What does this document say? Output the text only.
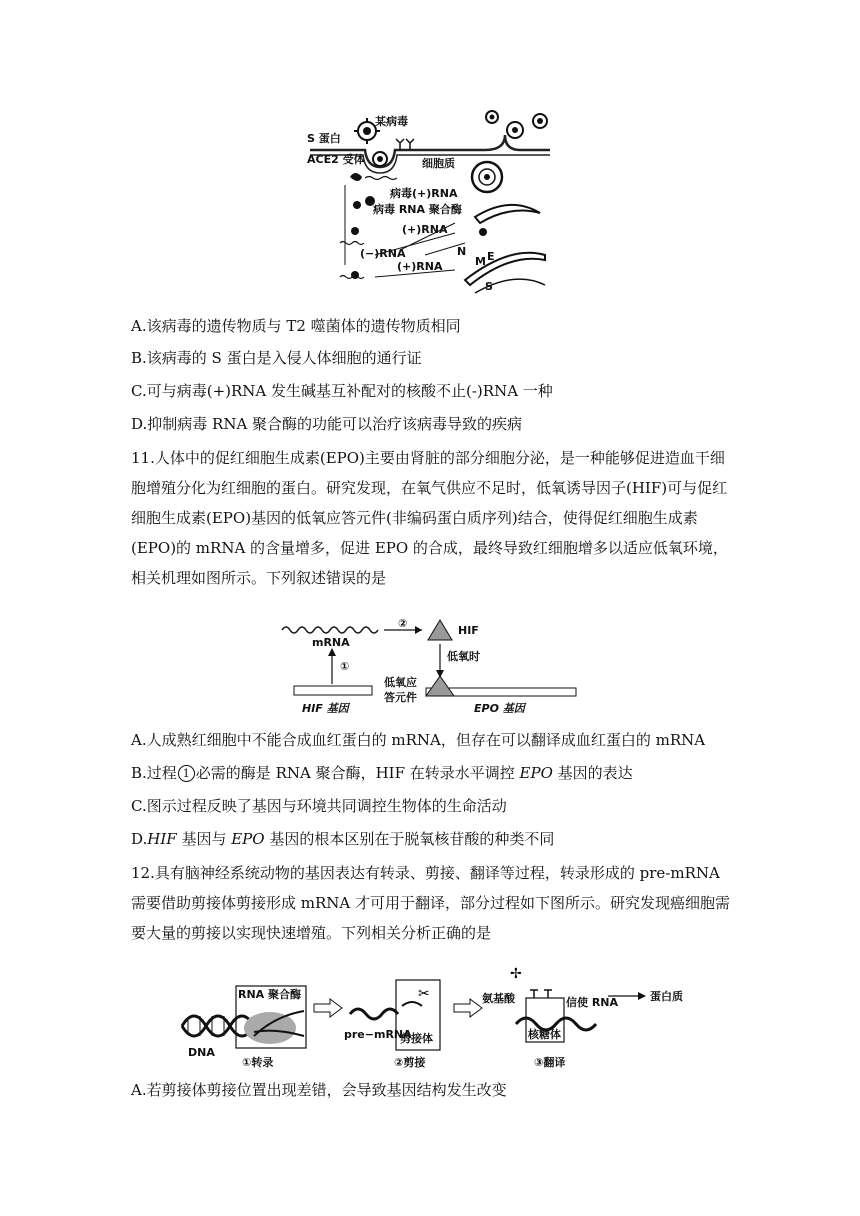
S 蛋白
某病毒
ACE2 受体	细胞质
病毒(+)RNA
病毒 RNA 聚合酶
(+)RNA
(−)RNA
(+)RNA
N
M E
S
A.该病毒的遗传物质与 T2 噬菌体的遗传物质相同
B.该病毒的 S 蛋白是入侵人体细胞的通行证
C.可与病毒(+)RNA 发生碱基互补配对的核酸不止(-)RNA 一种
D.抑制病毒 RNA 聚合酶的功能可以治疗该病毒导致的疾病
11.人体中的促红细胞生成素(EPO)主要由肾脏的部分细胞分泌，是一种能够促进造血干细胞增殖分化为红细胞的蛋白。研究发现，在氧气供应不足时，低氧诱导因子(HIF)可与促红细胞生成素(EPO)基因的低氧应答元件(非编码蛋白质序列)结合，使得促红细胞生成素(EPO)的 mRNA 的含量增多，促进 EPO 的合成，最终导致红细胞增多以适应低氧环境，相关机理如图所示。下列叙述错误的是
②
HIF
mRNA
①
低氧时
低氧应
答元件
HIF 基因	EPO 基因
A.人成熟红细胞中不能合成血红蛋白的 mRNA，但存在可以翻译成血红蛋白的 mRNA
B.过程 1 必需的酶是 RNA 聚合酶，HIF 在转录水平调控 EPO 基因的表达
C.图示过程反映了基因与环境共同调控生物体的生命活动
D.HIF 基因与 EPO 基因的根本区别在于脱氧核苷酸的种类不同
12.具有脑神经系统动物的基因表达有转录、剪接、翻译等过程，转录形成的 pre-mRNA 需要借助剪接体剪接形成 mRNA 才可用于翻译，部分过程如下图所示。研究发现癌细胞需要大量的剪接以实现快速增殖。下列相关分析正确的是
✂
✢
RNA 聚合酶
DNA
①转录
pre−mRNA
剪接体
②剪接
氨基酸
核糖体
信使 RNA	蛋白质
③翻译
A.若剪接体剪接位置出现差错，会导致基因结构发生改变
